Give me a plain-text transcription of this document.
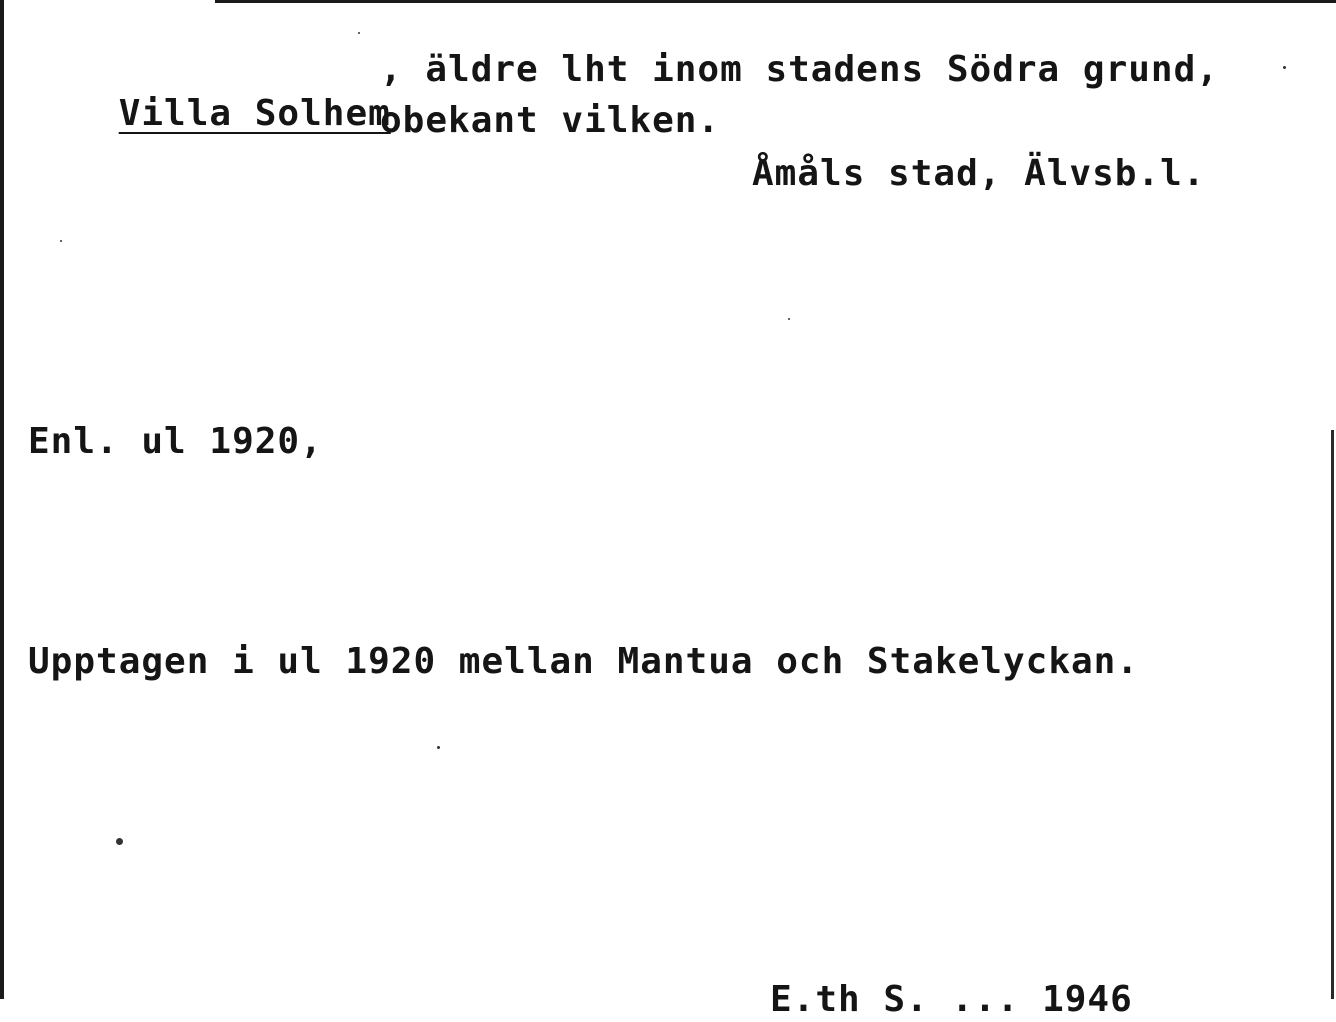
Villa Solhem

, äldre lht inom stadens Södra grund,

obekant vilken.
Åmåls stad, Älvsb.l.
Enl. ul 1920,
Upptagen i ul 1920 mellan Mantua och Stakelyckan.
E.th S. ... 1946
